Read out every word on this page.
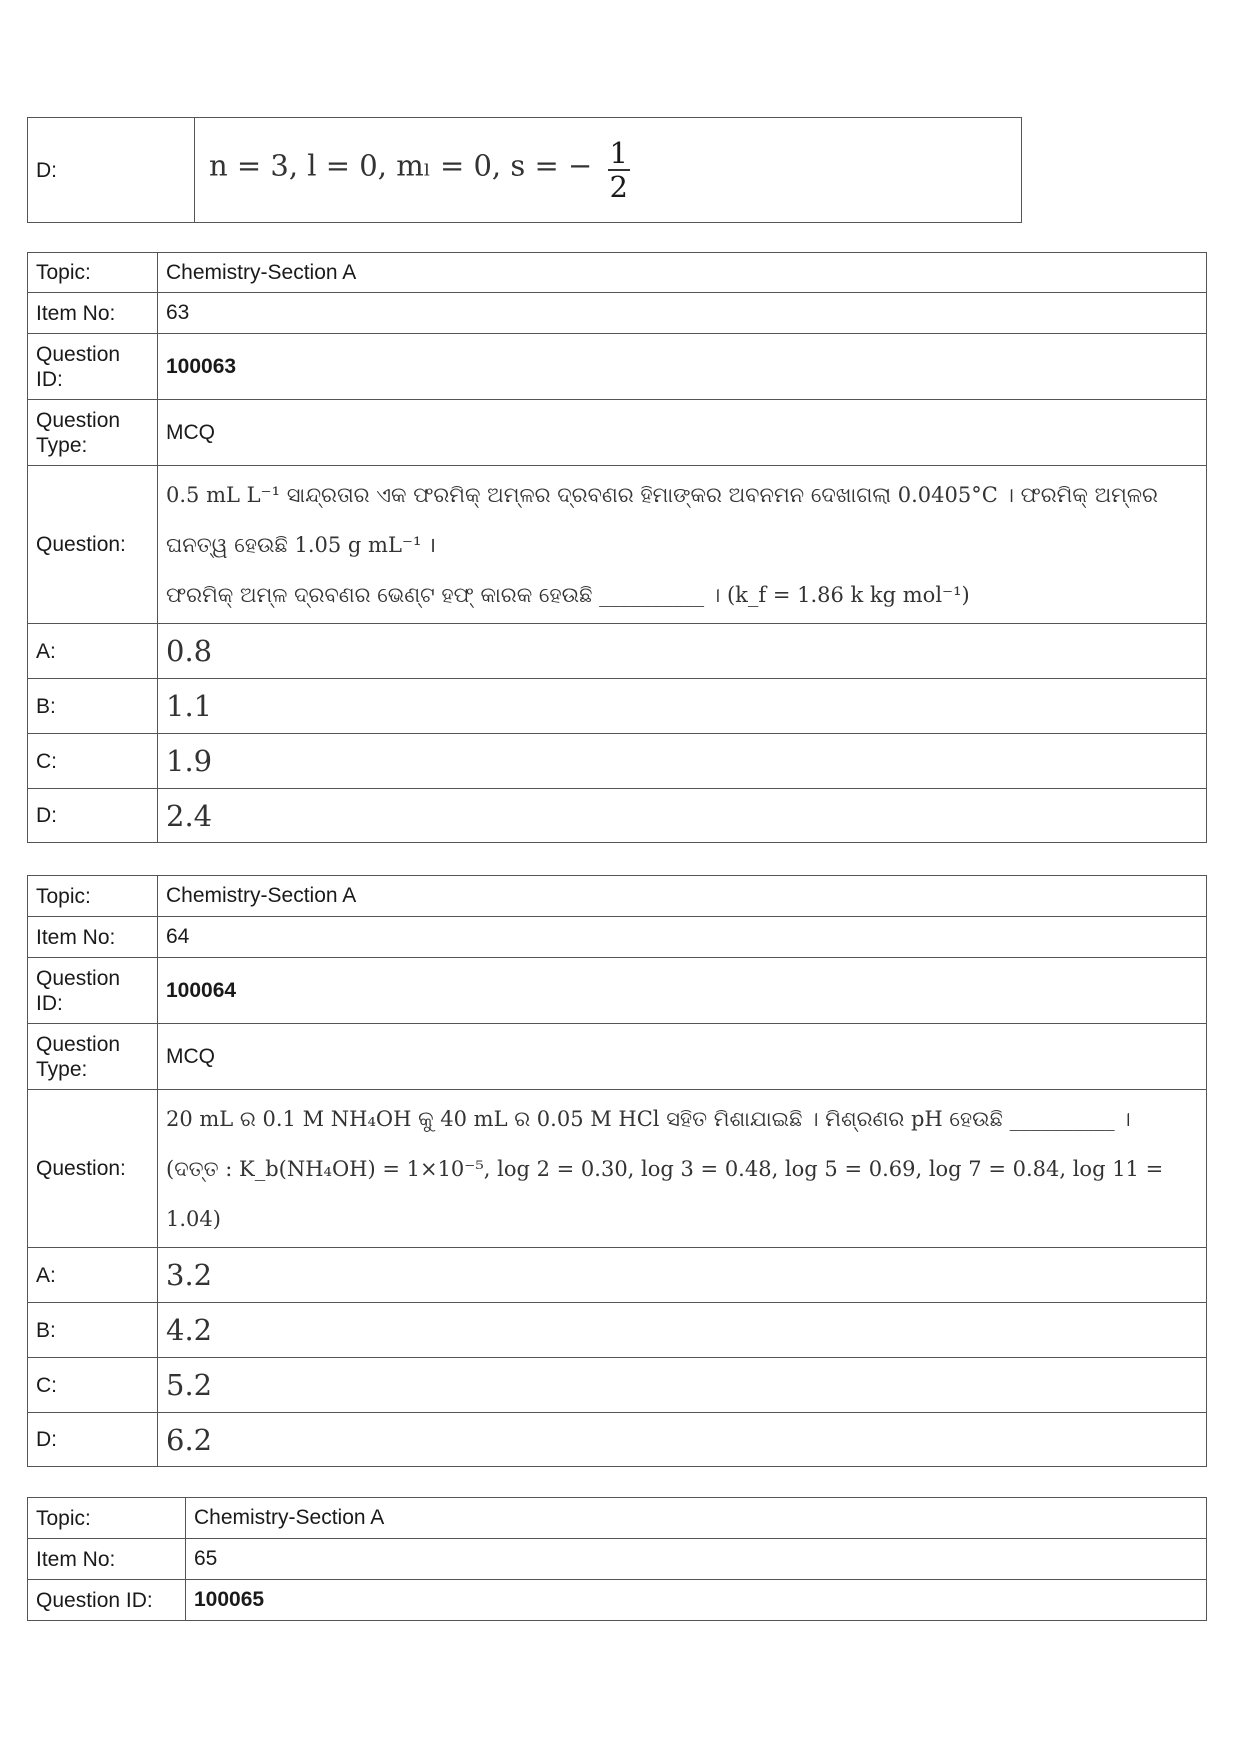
D:	n = 3, l = 0, mₗ = 0, s = − $\frac{1}{2}$
Topic:	Chemistry-Section A
Item No:	63
Question ID:	100063
Question Type:	MCQ
Question:	0.5 mL L⁻¹ ସାନ୍ଦ୍ରତାର ଏକ ଫରମିକ୍ ଅମ୍ଳର ଦ୍ରବଣର ହିମାଙ୍କର ଅବନମନ ଦେଖାଗଲା 0.0405°C । ଫରମିକ୍ ଅମ୍ଳର
ଘନତ୍ୱ ହେଉଛି 1.05 g mL⁻¹ ।
ଫରମିକ୍ ଅମ୍ଳ ଦ୍ରବଣର ଭେଣ୍ଟ ହଫ୍ କାରକ ହେଉଛି __________ । (k_f = 1.86 k kg mol⁻¹)

A:	0.8
B:	1.1
C:	1.9
D:	2.4
Topic:	Chemistry-Section A
Item No:	64
Question ID:	100064
Question Type:	MCQ
Question:	20 mL ର 0.1 M NH₄OH କୁ 40 mL ର 0.05 M HCl ସହିତ ମିଶାଯାଇଛି । ମିଶ୍ରଣର pH ହେଉଛି __________ ।
(ଦତ୍ତ : K_b(NH₄OH) = 1×10⁻⁵, log 2 = 0.30, log 3 = 0.48, log 5 = 0.69, log 7 = 0.84, log 11 =
1.04)

A:	3.2
B:	4.2
C:	5.2
D:	6.2
Topic:	Chemistry-Section A
Item No:	65
Question ID:	100065
